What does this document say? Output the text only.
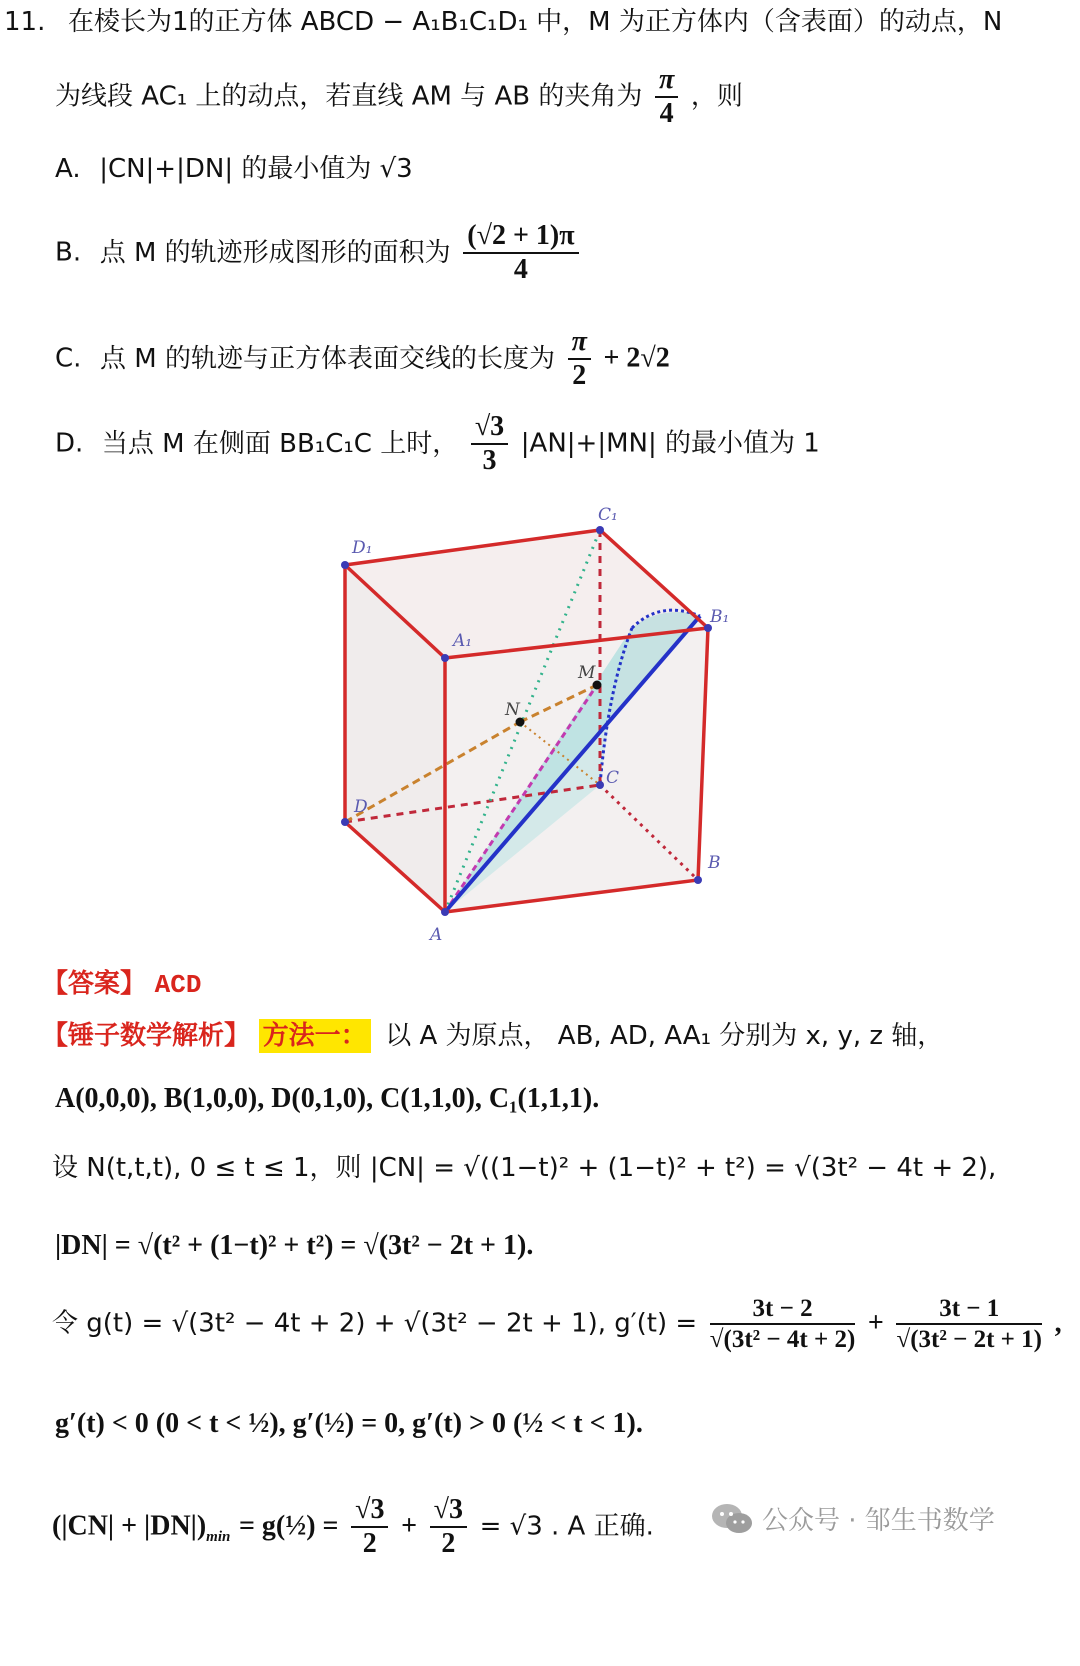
11. 在棱长为1的正方体 ABCD − A₁B₁C₁D₁ 中，M 为正方体内（含表面）的动点，N
为线段 AC₁ 上的动点，若直线 AM 与 AB 的夹角为 $\frac{\pi}{4}$ ，则
A. |CN|+|DN| 的最小值为 √3
B. 点 M 的轨迹形成图形的面积为 $\frac{(√2 + 1)\pi}{4}$
C. 点 M 的轨迹与正方体表面交线的长度为 $\frac{\pi}{2} + 2√2$
D. 当点 M 在侧面 BB₁C₁C 上时， $\frac{√3}{3} |AN|+|MN|$ 的最小值为 1
D₁
C₁
A₁
B₁
D
C
B
A
M
N
【答案】 ACD
【锤子数学解析】 方法一： 以 A 为原点， AB, AD, AA₁ 分别为 x, y, z 轴，
A(0,0,0), B(1,0,0), D(0,1,0), C(1,1,0), C₁(1,1,1).
设 N(t,t,t), 0 ≤ t ≤ 1，则 |CN| = √((1−t)² + (1−t)² + t²) = √(3t² − 4t + 2),
|DN| = √(t² + (1−t)² + t²) = √(3t² − 2t + 1).
令 g(t) = √(3t² − 4t + 2) + √(3t² − 2t + 1), $g'(t) = \frac{3t - 2}{\text{√(3t² − 4t + 2)}} + \frac{3t - 1}{\text{√(3t² − 2t + 1)}}$ ,
g′(t) < 0 (0 < t < ½), g′(½) = 0, g′(t) > 0 (½ < t < 1).
$(|CN| + |DN|)_{min}$ = g(½) = $\frac{√3}{2} + \frac{√3}{2} = √3$ . A 正确.	公众号 · 邹生书数学
